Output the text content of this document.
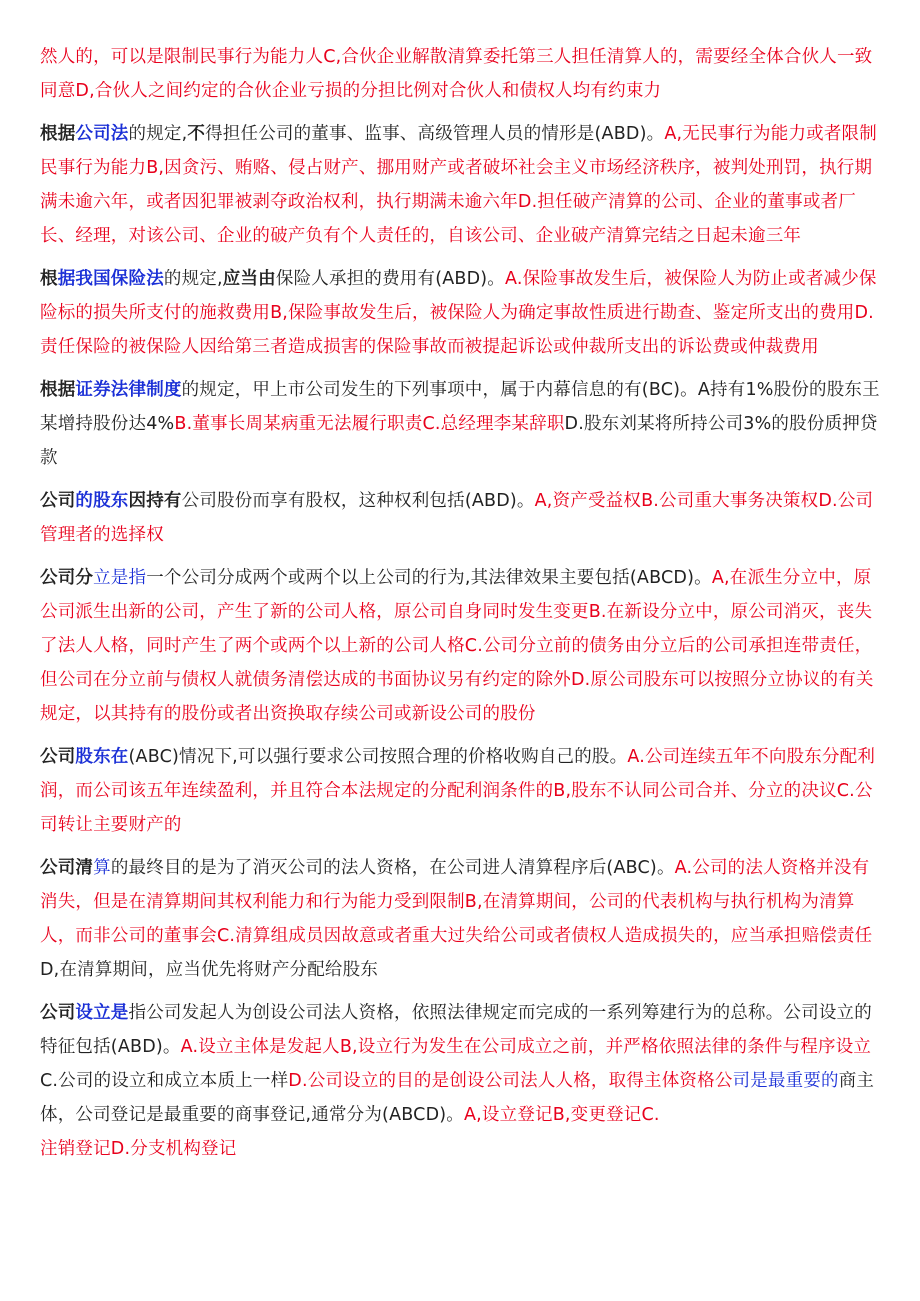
然人的，可以是限制民事行为能力人C,合伙企业解散清算委托第三人担任清算人的，需要经全体合伙人一致同意D,合伙人之间约定的合伙企业亏损的分担比例对合伙人和债权人均有约束力

根据公司法的规定,不得担任公司的董事、监事、高级管理人员的情形是(ABD)。A,无民事行为能力或者限制民事行为能力B,因贪污、贿赂、侵占财产、挪用财产或者破坏社会主义市场经济秩序，被判处刑罚，执行期满未逾六年，或者因犯罪被剥夺政治权利，执行期满未逾六年D.担任破产清算的公司、企业的董事或者厂长、经理，对该公司、企业的破产负有个人责任的，自该公司、企业破产清算完结之日起未逾三年

根据我国保险法的规定,应当由保险人承担的费用有(ABD)。A.保险事故发生后，被保险人为防止或者减少保险标的损失所支付的施救费用B,保险事故发生后，被保险人为确定事故性质进行勘查、鉴定所支出的费用D.责任保险的被保险人因给第三者造成损害的保险事故而被提起诉讼或仲裁所支出的诉讼费或仲裁费用

根据证券法律制度的规定，甲上市公司发生的下列事项中，属于内幕信息的有(BC)。A持有1%股份的股东王某增持股份达4%B.董事长周某病重无法履行职责C.总经理李某辞职D.股东刘某将所持公司3%的股份质押贷款

公司的股东因持有公司股份而享有股权，这种权利包括(ABD)。A,资产受益权B.公司重大事务决策权D.公司管理者的选择权

公司分立是指一个公司分成两个或两个以上公司的行为,其法律效果主要包括(ABCD)。A,在派生分立中，原公司派生出新的公司，产生了新的公司人格，原公司自身同时发生变更B.在新设分立中，原公司消灭，丧失了法人人格，同时产生了两个或两个以上新的公司人格C.公司分立前的债务由分立后的公司承担连带责任，但公司在分立前与债权人就债务清偿达成的书面协议另有约定的除外D.原公司股东可以按照分立协议的有关规定，以其持有的股份或者出资换取存续公司或新设公司的股份

公司股东在(ABC)情况下,可以强行要求公司按照合理的价格收购自己的股。A.公司连续五年不向股东分配利润，而公司该五年连续盈利，并且符合本法规定的分配利润条件的B,股东不认同公司合并、分立的决议C.公司转让主要财产的

公司清算的最终目的是为了消灭公司的法人资格，在公司进人清算程序后(ABC)。A.公司的法人资格并没有消失，但是在清算期间其权利能力和行为能力受到限制B,在清算期间，公司的代表机构与执行机构为清算人，而非公司的董事会C.清算组成员因故意或者重大过失给公司或者债权人造成损失的，应当承担赔偿责任D,在清算期间，应当优先将财产分配给股东

公司设立是指公司发起人为创设公司法人资格，依照法律规定而完成的一系列筹建行为的总称。公司设立的特征包括(ABD)。A.设立主体是发起人B,设立行为发生在公司成立之前，并严格依照法律的条件与程序设立C.公司的设立和成立本质上一样D.公司设立的目的是创设公司法人人格，取得主体资格公司是最重要的商主体，公司登记是最重要的商事登记,通常分为(ABCD)。A,设立登记B,变更登记C.

注销登记D.分支机构登记
